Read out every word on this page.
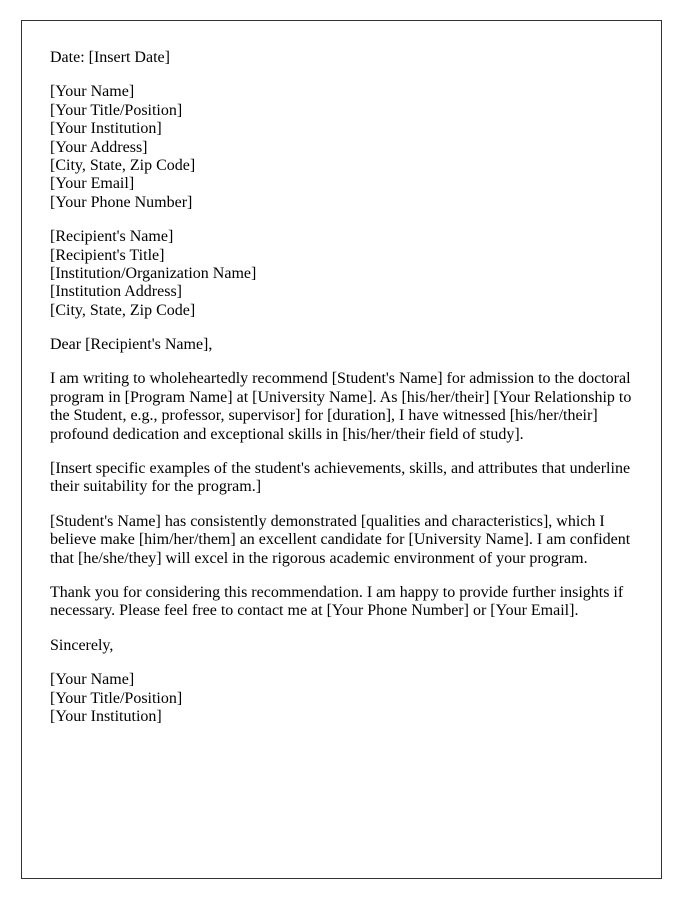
Date: [Insert Date]

[Your Name]
[Your Title/Position]
[Your Institution]
[Your Address]
[City, State, Zip Code]
[Your Email]
[Your Phone Number]

[Recipient's Name]
[Recipient's Title]
[Institution/Organization Name]
[Institution Address]
[City, State, Zip Code]

Dear [Recipient's Name],

I am writing to wholeheartedly recommend [Student's Name] for admission to the doctoral program in [Program Name] at [University Name]. As [his/her/their] [Your Relationship to the Student, e.g., professor, supervisor] for [duration], I have witnessed [his/her/their] profound dedication and exceptional skills in [his/her/their field of study].

[Insert specific examples of the student's achievements, skills, and attributes that underline their suitability for the program.]

[Student's Name] has consistently demonstrated [qualities and characteristics], which I believe make [him/her/them] an excellent candidate for [University Name]. I am confident that [he/she/they] will excel in the rigorous academic environment of your program.

Thank you for considering this recommendation. I am happy to provide further insights if necessary. Please feel free to contact me at [Your Phone Number] or [Your Email].

Sincerely,

[Your Name]
[Your Title/Position]
[Your Institution]
